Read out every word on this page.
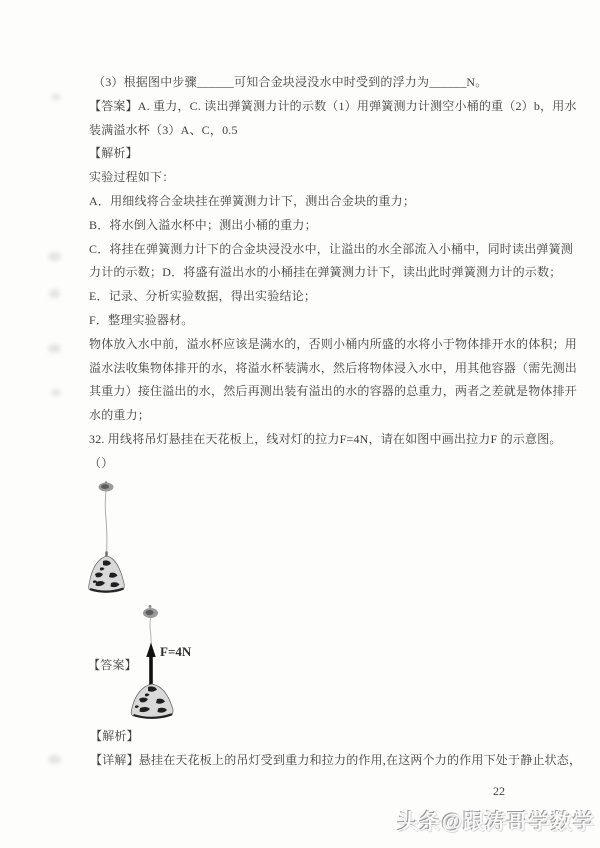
（3）根据图中步骤______可知合金块浸没水中时受到的浮力为______N。
【答案】A. 重力，C. 读出弹簧测力计的示数（1）用弹簧测力计测空小桶的重（2）b，用水
装满溢水杯（3）A、C，0.5
【解析】
实验过程如下：
A．用细线将合金块挂在弹簧测力计下，测出合金块的重力；
B．将水倒入溢水杯中；测出小桶的重力；
C．将挂在弹簧测力计下的合金块浸没水中，让溢出的水全部流入小桶中，同时读出弹簧测
力计的示数；D．将盛有溢出水的小桶挂在弹簧测力计下，读出此时弹簧测力计的示数；
E．记录、分析实验数据，得出实验结论；
F．整理实验器材。
物体放入水中前，溢水杯应该是满水的，否则小桶内所盛的水将小于物体排开水的体积；用
溢水法收集物体排开的水，将溢水杯装满水，然后将物体浸入水中，用其他容器（需先测出
其重力）接住溢出的水，然后再测出装有溢出的水的容器的总重力，两者之差就是物体排开
水的重力；
32. 用线将吊灯悬挂在天花板上，线对灯的拉力F=4N，请在如图中画出拉力F 的示意图。
（）
【答案】
F=4N
【解析】
【详解】悬挂在天花板上的吊灯受到重力和拉力的作用,在这两个力的作用下处于静止状态，
22
头条@跟涛哥学数学
